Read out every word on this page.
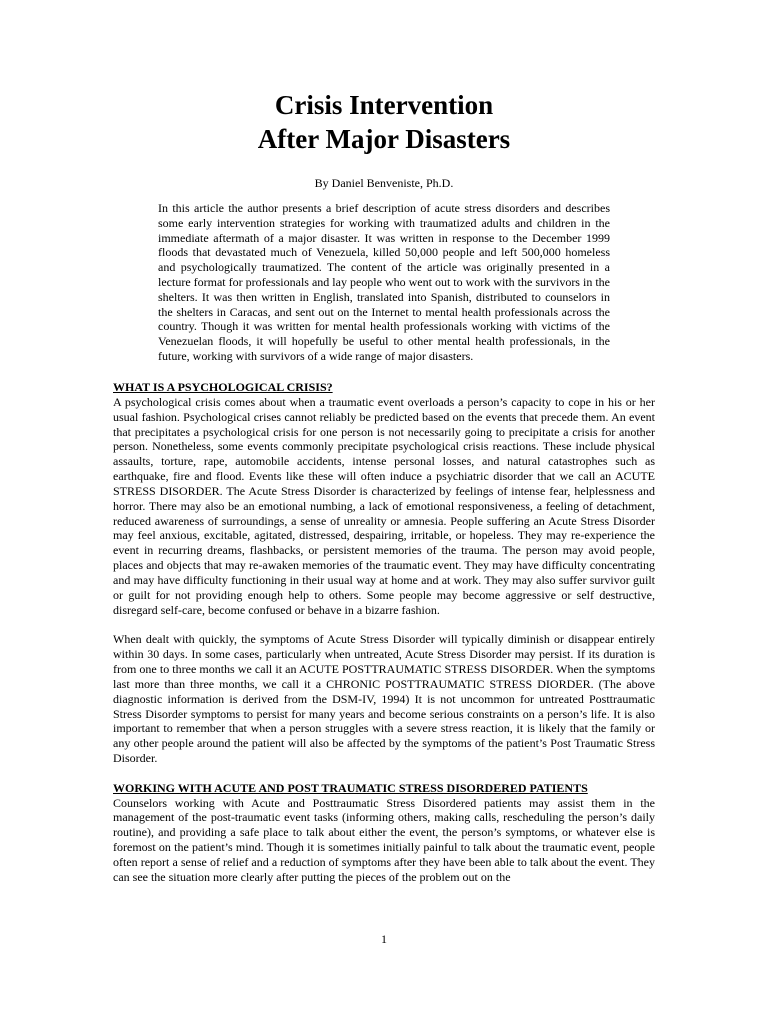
Crisis Intervention
After Major Disasters
By Daniel Benveniste, Ph.D.

In this article the author presents a brief description of acute stress disorders and describes some early intervention strategies for working with traumatized adults and children in the immediate aftermath of a major disaster. It was written in response to the December 1999 floods that devastated much of Venezuela, killed 50,000 people and left 500,000 homeless and psychologically traumatized. The content of the article was originally presented in a lecture format for professionals and lay people who went out to work with the survivors in the shelters. It was then written in English, translated into Spanish, distributed to counselors in the shelters in Caracas, and sent out on the Internet to mental health professionals across the country. Though it was written for mental health professionals working with victims of the Venezuelan floods, it will hopefully be useful to other mental health professionals, in the future, working with survivors of a wide range of major disasters.

WHAT IS A PSYCHOLOGICAL CRISIS?

A psychological crisis comes about when a traumatic event overloads a person’s capacity to cope in his or her usual fashion. Psychological crises cannot reliably be predicted based on the events that precede them. An event that precipitates a psychological crisis for one person is not necessarily going to precipitate a crisis for another person. Nonetheless, some events commonly precipitate psychological crisis reactions. These include physical assaults, torture, rape, automobile accidents, intense personal losses, and natural catastrophes such as earthquake, fire and flood. Events like these will often induce a psychiatric disorder that we call an ACUTE STRESS DISORDER. The Acute Stress Disorder is characterized by feelings of intense fear, helplessness and horror. There may also be an emotional numbing, a lack of emotional responsiveness, a feeling of detachment, reduced awareness of surroundings, a sense of unreality or amnesia. People suffering an Acute Stress Disorder may feel anxious, excitable, agitated, distressed, despairing, irritable, or hopeless. They may re-experience the event in recurring dreams, flashbacks, or persistent memories of the trauma. The person may avoid people, places and objects that may re-awaken memories of the traumatic event. They may have difficulty concentrating and may have difficulty functioning in their usual way at home and at work. They may also suffer survivor guilt or guilt for not providing enough help to others. Some people may become aggressive or self destructive, disregard self-care, become confused or behave in a bizarre fashion.

When dealt with quickly, the symptoms of Acute Stress Disorder will typically diminish or disappear entirely within 30 days. In some cases, particularly when untreated, Acute Stress Disorder may persist. If its duration is from one to three months we call it an ACUTE POSTTRAUMATIC STRESS DISORDER. When the symptoms last more than three months, we call it a CHRONIC POSTTRAUMATIC STRESS DIORDER. (The above diagnostic information is derived from the DSM-IV, 1994) It is not uncommon for untreated Posttraumatic Stress Disorder symptoms to persist for many years and become serious constraints on a person’s life. It is also important to remember that when a person struggles with a severe stress reaction, it is likely that the family or any other people around the patient will also be affected by the symptoms of the patient’s Post Traumatic Stress Disorder.

WORKING WITH ACUTE AND POST TRAUMATIC STRESS DISORDERED PATIENTS

Counselors working with Acute and Posttraumatic Stress Disordered patients may assist them in the management of the post-traumatic event tasks (informing others, making calls, rescheduling the person’s daily routine), and providing a safe place to talk about either the event, the person’s symptoms, or whatever else is foremost on the patient’s mind. Though it is sometimes initially painful to talk about the traumatic event, people often report a sense of relief and a reduction of symptoms after they have been able to talk about the event. They can see the situation more clearly after putting the pieces of the problem out on the

1
